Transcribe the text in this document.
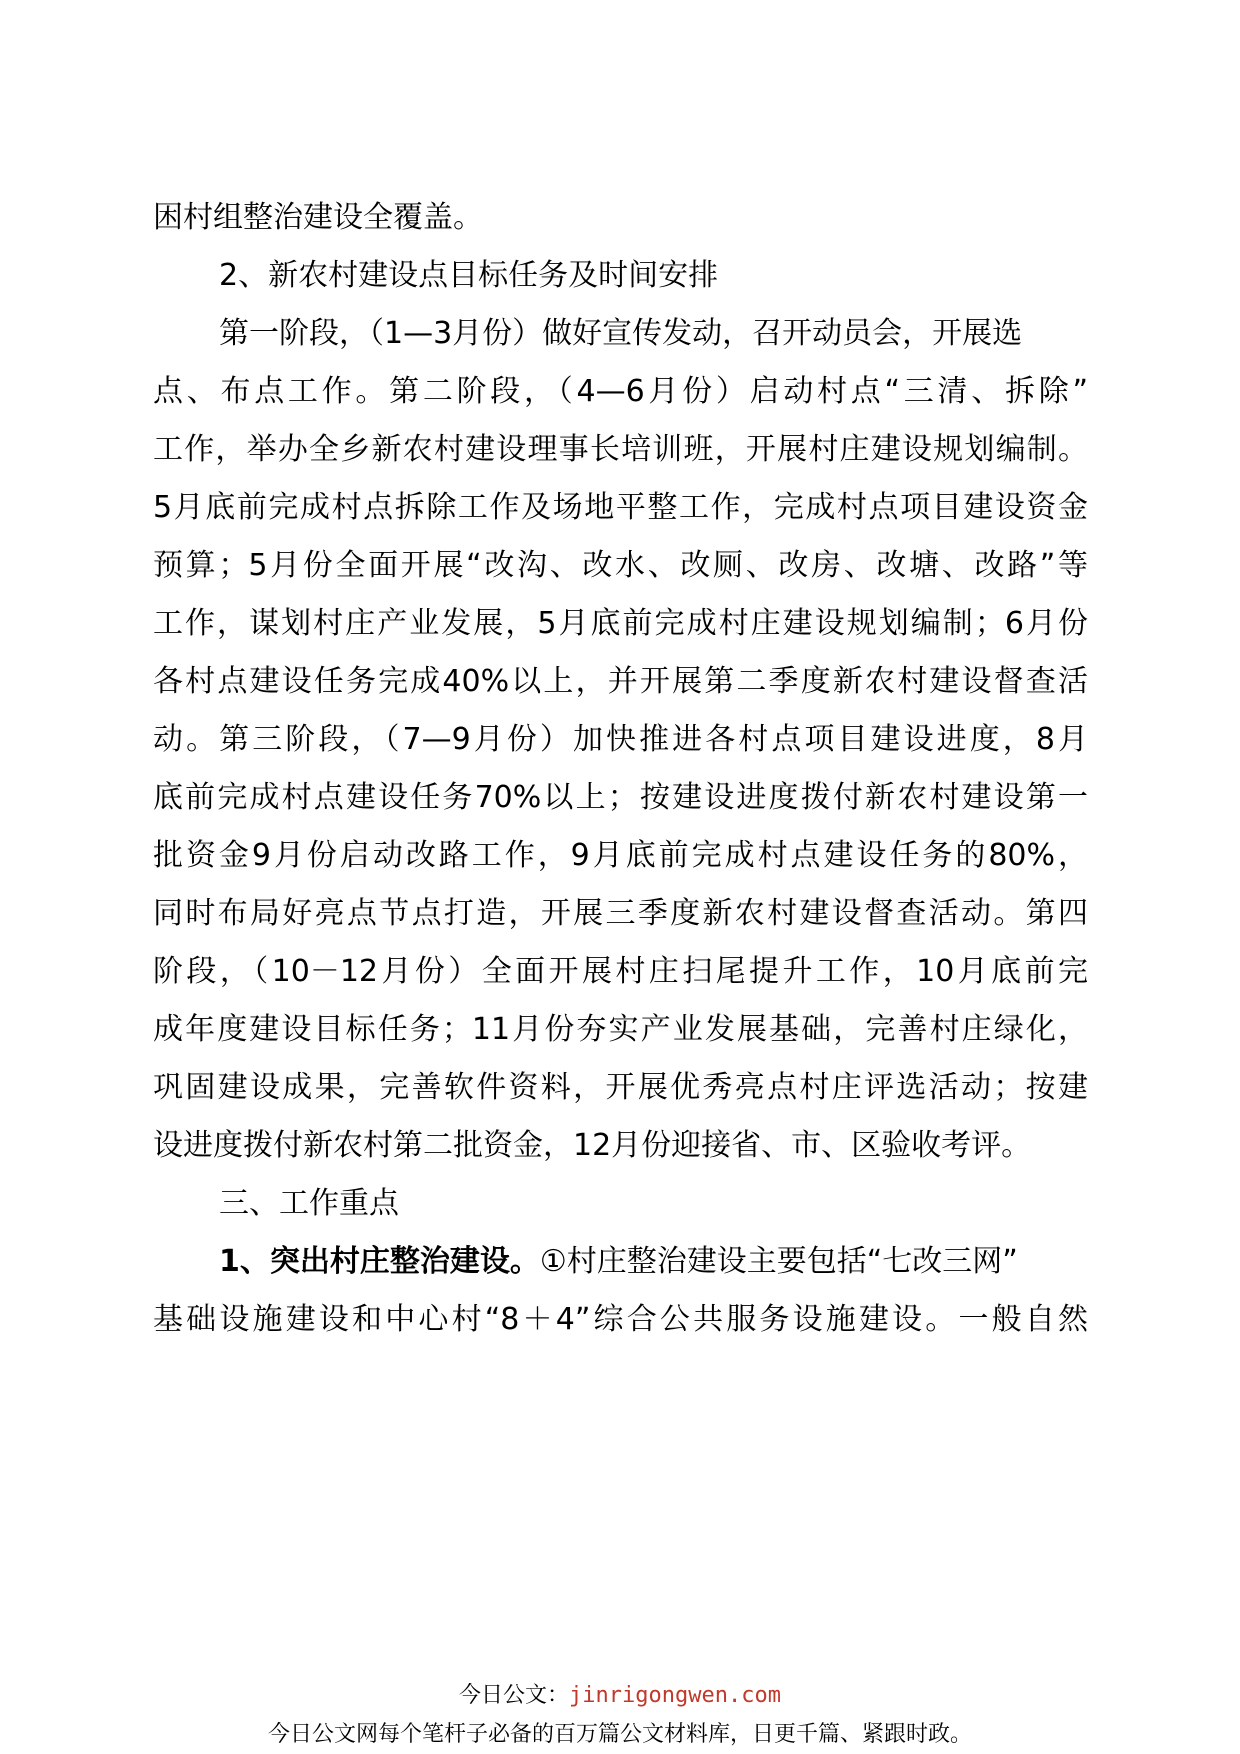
困村组整治建设全覆盖。
2、新农村建设点目标任务及时间安排
第一阶段，（1—3月份）做好宣传发动，召开动员会，开展选
点、布点工作。第二阶段，（4—6月份）启动村点“三清、拆除”
工作，举办全乡新农村建设理事长培训班，开展村庄建设规划编制。
5月底前完成村点拆除工作及场地平整工作，完成村点项目建设资金
预算；5月份全面开展“改沟、改水、改厕、改房、改塘、改路”等
工作，谋划村庄产业发展，5月底前完成村庄建设规划编制；6月份
各村点建设任务完成40%以上，并开展第二季度新农村建设督查活
动。第三阶段，（7—9月份）加快推进各村点项目建设进度，8月
底前完成村点建设任务70%以上；按建设进度拨付新农村建设第一
批资金9月份启动改路工作，9月底前完成村点建设任务的80%，
同时布局好亮点节点打造，开展三季度新农村建设督查活动。第四
阶段，（10－12月份）全面开展村庄扫尾提升工作，10月底前完
成年度建设目标任务；11月份夯实产业发展基础，完善村庄绿化，
巩固建设成果，完善软件资料，开展优秀亮点村庄评选活动；按建
设进度拨付新农村第二批资金，12月份迎接省、市、区验收考评。
三、工作重点
1、突出村庄整治建设。①村庄整治建设主要包括“七改三网”
基础设施建设和中心村“8＋4”综合公共服务设施建设。一般自然
今日公文：jinrigongwen.com
今日公文网每个笔杆子必备的百万篇公文材料库，日更千篇、紧跟时政。
